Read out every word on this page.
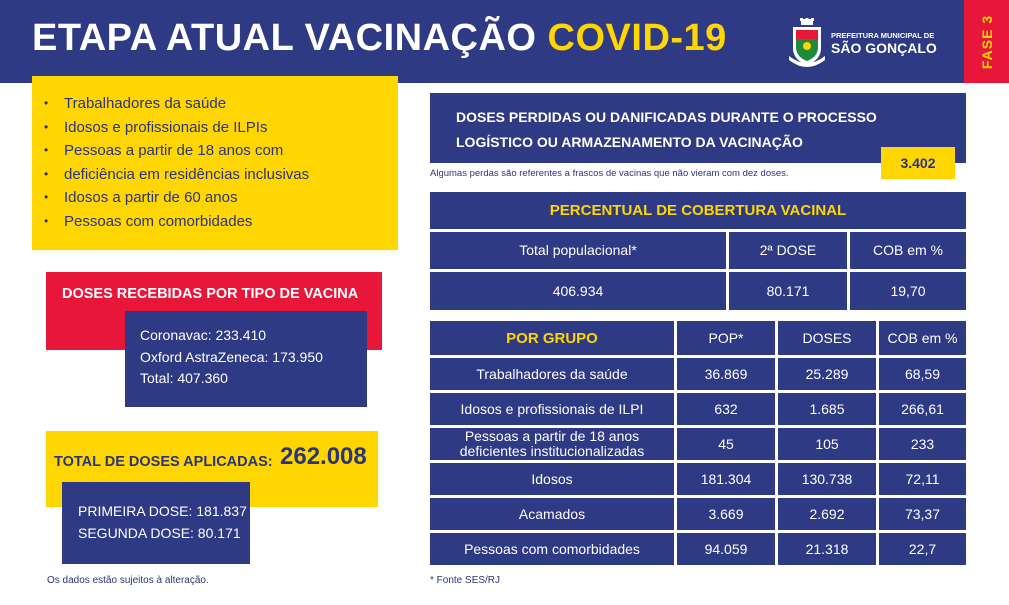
ETAPA ATUAL VACINAÇÃO COVID-19	PREFEITURA MUNICIPAL DE
SÃO GONÇALO	FASE 3
• Trabalhadores da saúde
• Idosos e profissionais de ILPIs
• Pessoas a partir de 18 anos com
• deficiência em residências inclusivas
• Idosos a partir de 60 anos
• Pessoas com comorbidades
DOSES RECEBIDAS POR TIPO DE VACINA
Coronavac: 233.410
Oxford AstraZeneca: 173.950
Total: 407.360
TOTAL DE DOSES APLICADAS: 262.008
PRIMEIRA DOSE: 181.837
SEGUNDA DOSE: 80.171
Os dados estão sujeitos à alteração.
DOSES PERDIDAS OU DANIFICADAS DURANTE O PROCESSO
LOGÍSTICO OU ARMAZENAMENTO DA VACINAÇÃO
3.402
Algumas perdas são referentes a frascos de vacinas que não vieram com dez doses.
PERCENTUAL DE COBERTURA VACINAL
Total populacional*	2ª DOSE	COB em %
406.934	80.171	19,70
POR GRUPO	POP*	DOSES	COB em %
Trabalhadores da saúde	36.869	25.289	68,59
Idosos e profissionais de ILPI	632	1.685	266,61
Pessoas a partir de 18 anos
deficientes institucionalizadas	45	105	233
Idosos	181.304	130.738	72,11
Acamados	3.669	2.692	73,37
Pessoas com comorbidades	94.059	21.318	22,7
* Fonte SES/RJ
